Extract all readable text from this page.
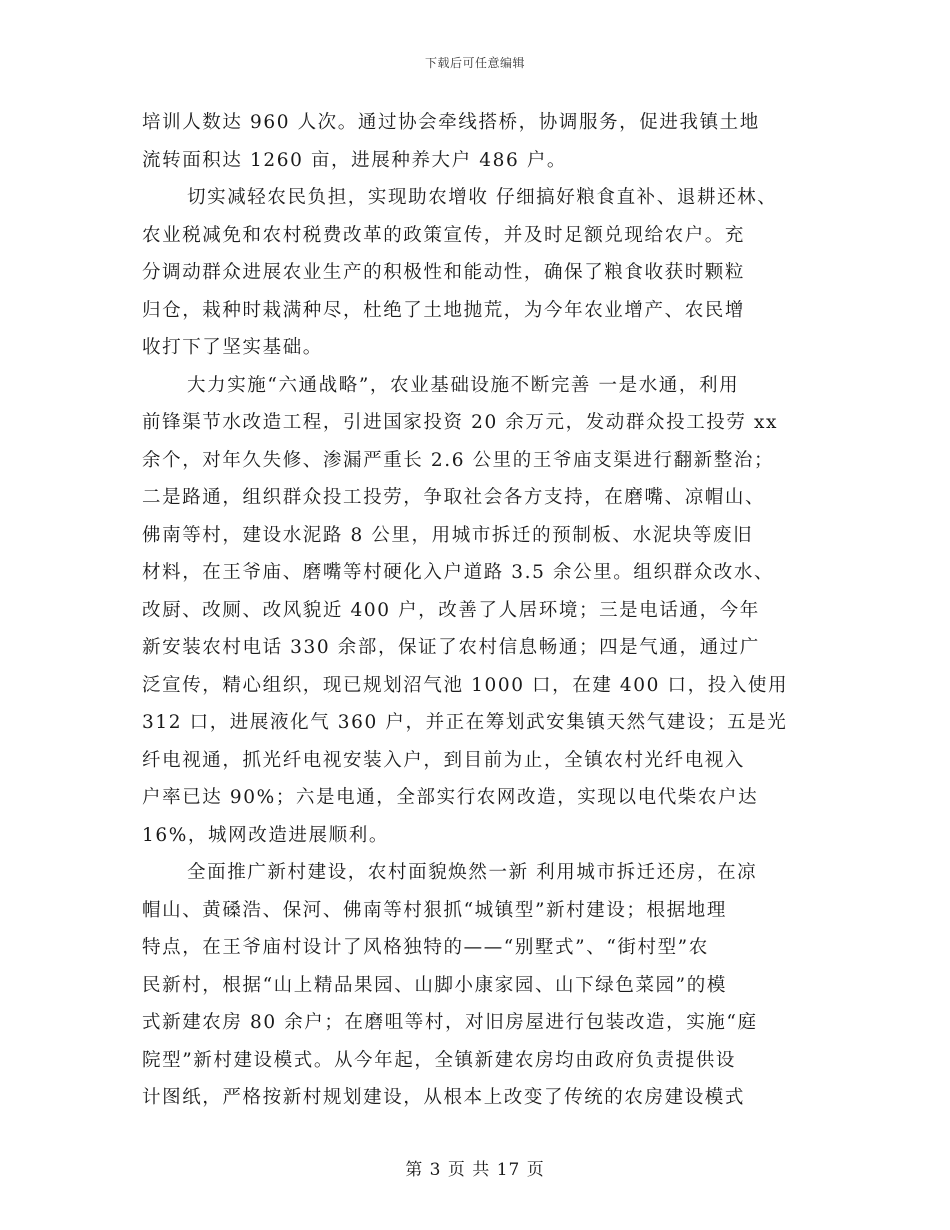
下载后可任意编辑
培训人数达 960 人次。通过协会牵线搭桥，协调服务，促进我镇土地
流转面积达 1260 亩，进展种养大户 486 户。
切实减轻农民负担，实现助农增收 仔细搞好粮食直补、退耕还林、
农业税减免和农村税费改革的政策宣传，并及时足额兑现给农户。充
分调动群众进展农业生产的积极性和能动性，确保了粮食收获时颗粒
归仓，栽种时栽满种尽，杜绝了土地抛荒，为今年农业增产、农民增
收打下了坚实基础。
大力实施“六通战略”，农业基础设施不断完善 一是水通，利用
前锋渠节水改造工程，引进国家投资 20 余万元，发动群众投工投劳 xx
余个，对年久失修、渗漏严重长 2.6 公里的王爷庙支渠进行翻新整治；
二是路通，组织群众投工投劳，争取社会各方支持，在磨嘴、凉帽山、
佛南等村，建设水泥路 8 公里，用城市拆迁的预制板、水泥块等废旧
材料，在王爷庙、磨嘴等村硬化入户道路 3.5 余公里。组织群众改水、
改厨、改厕、改风貌近 400 户，改善了人居环境；三是电话通，今年
新安装农村电话 330 余部，保证了农村信息畅通；四是气通，通过广
泛宣传，精心组织，现已规划沼气池 1000 口，在建 400 口，投入使用
312 口，进展液化气 360 户，并正在筹划武安集镇天然气建设；五是光
纤电视通，抓光纤电视安装入户，到目前为止，全镇农村光纤电视入
户率已达 90%；六是电通，全部实行农网改造，实现以电代柴农户达
16%，城网改造进展顺利。
全面推广新村建设，农村面貌焕然一新 利用城市拆迁还房，在凉
帽山、黄磉浩、保河、佛南等村狠抓“城镇型”新村建设；根据地理
特点，在王爷庙村设计了风格独特的——“别墅式”、“街村型”农
民新村，根据“山上精品果园、山脚小康家园、山下绿色菜园”的模
式新建农房 80 余户；在磨咀等村，对旧房屋进行包装改造，实施“庭
院型”新村建设模式。从今年起，全镇新建农房均由政府负责提供设
计图纸，严格按新村规划建设，从根本上改变了传统的农房建设模式
第 3 页 共 17 页
